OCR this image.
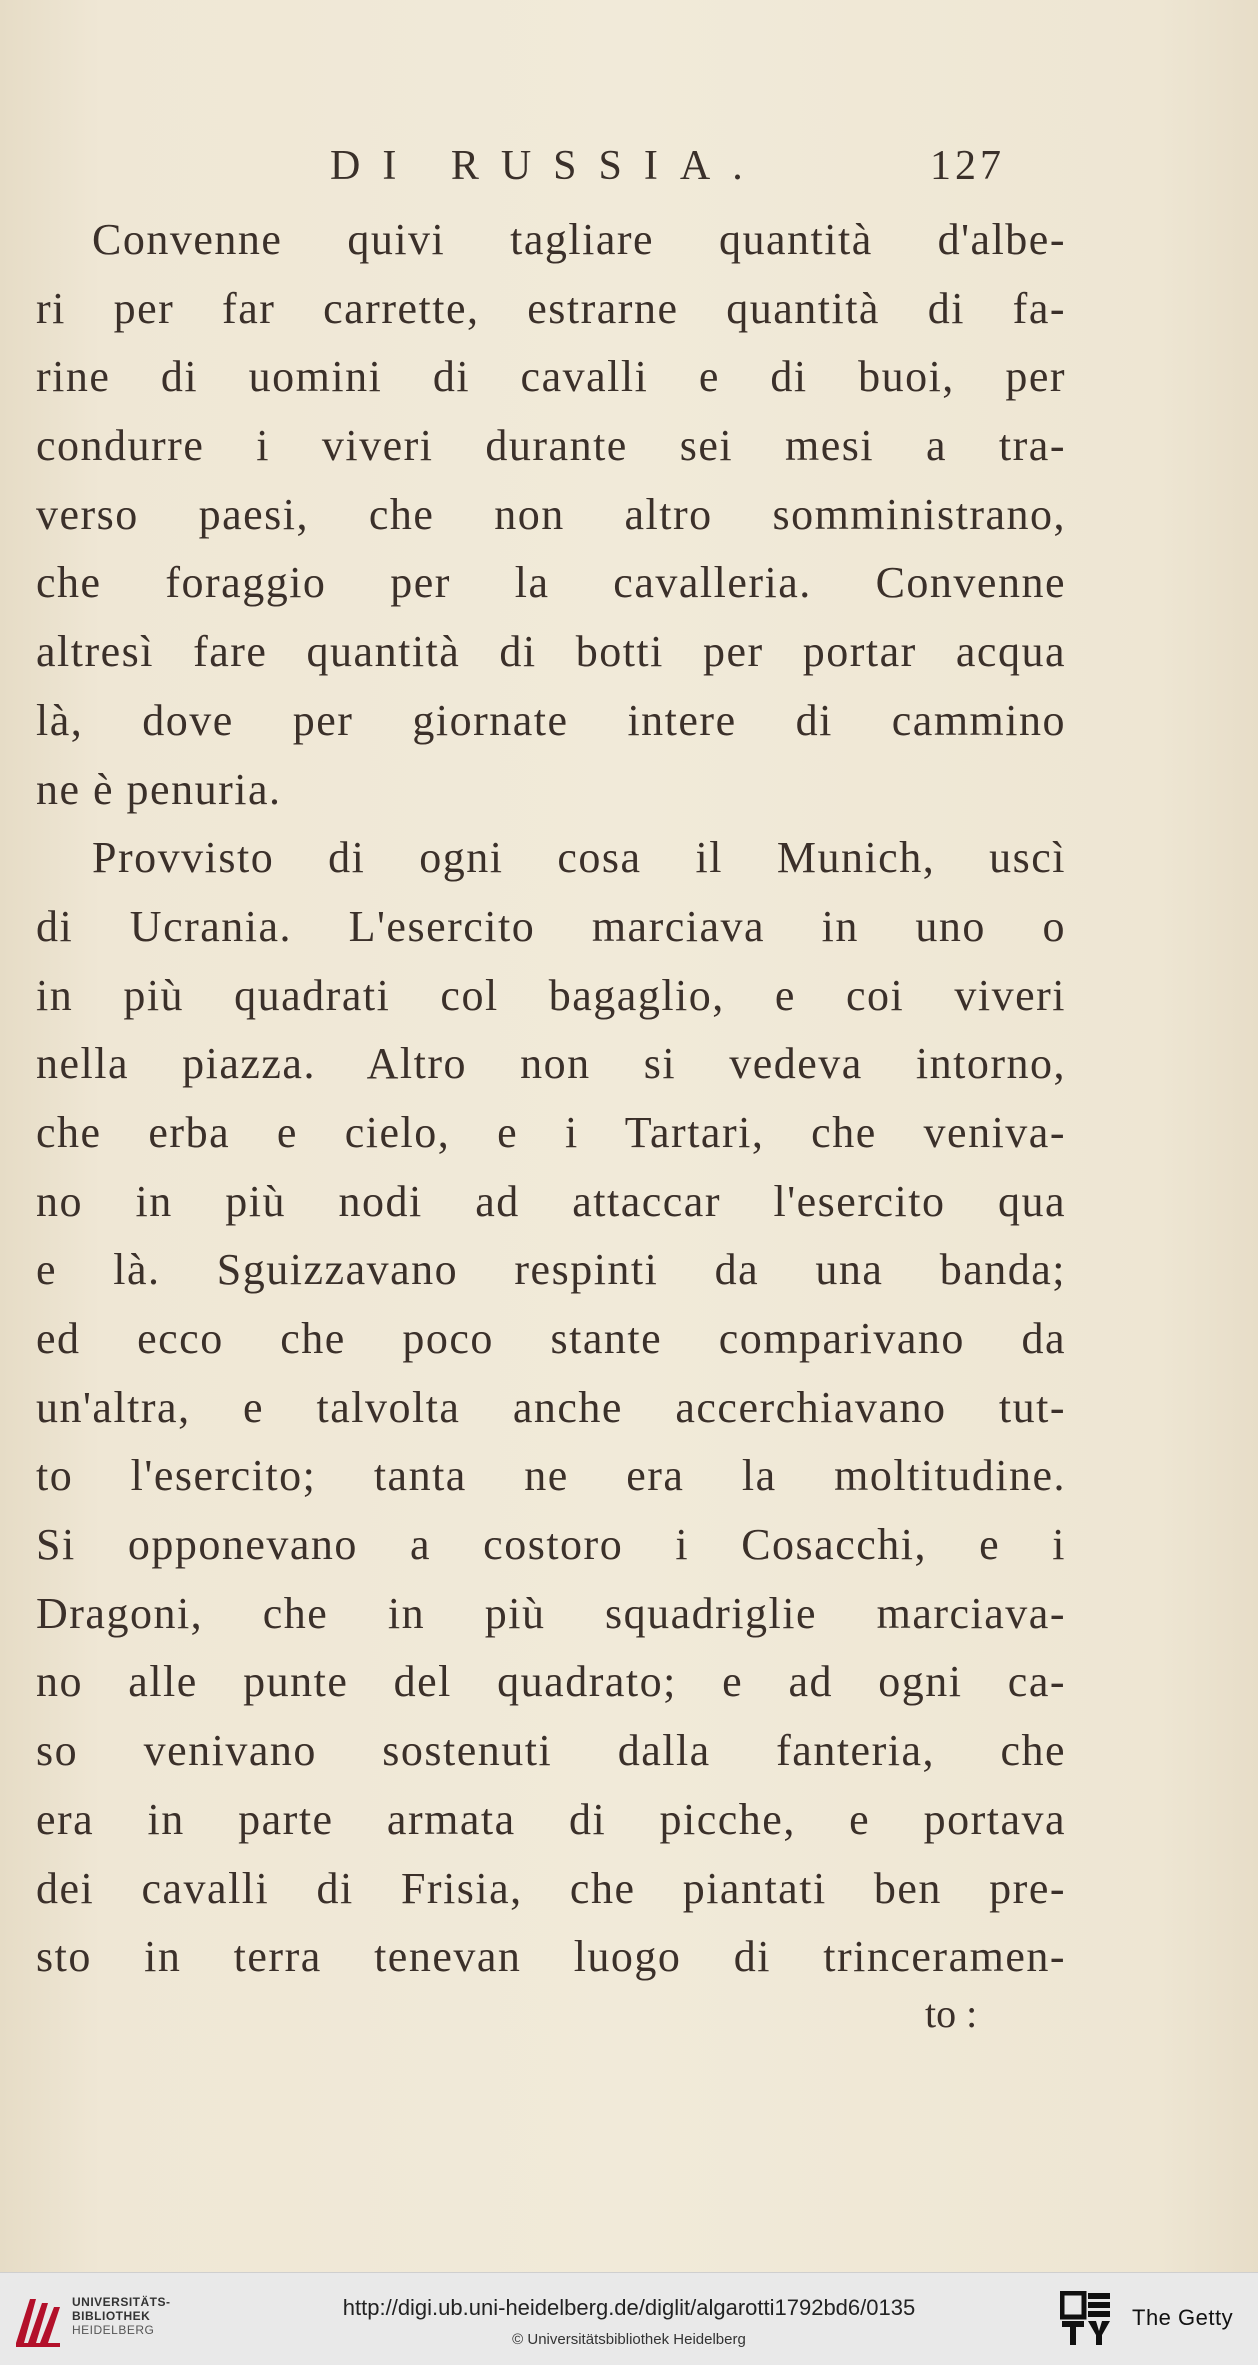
DI RUSSIA.	127
Convenne quivi tagliare quantità d'albe-
ri per far carrette, estrarne quantità di fa-
rine di uomini di cavalli e di buoi, per
condurre i viveri durante sei mesi a tra-
verso paesi, che non altro somministrano,
che foraggio per la cavalleria. Convenne
altresì fare quantità di botti per portar acqua
là, dove per giornate intere di cammino
ne è penuria.
Provvisto di ogni cosa il Munich, uscì
di Ucrania. L'esercito marciava in uno o
in più quadrati col bagaglio, e coi viveri
nella piazza. Altro non si vedeva intorno,
che erba e cielo, e i Tartari, che veniva-
no in più nodi ad attaccar l'esercito qua
e là. Sguizzavano respinti da una banda;
ed ecco che poco stante comparivano da
un'altra, e talvolta anche accerchiavano tut-
to l'esercito; tanta ne era la moltitudine.
Si opponevano a costoro i Cosacchi, e i
Dragoni, che in più squadriglie marciava-
no alle punte del quadrato; e ad ogni ca-
so venivano sostenuti dalla fanteria, che
era in parte armata di picche, e portava
dei cavalli di Frisia, che piantati ben pre-
sto in terra tenevan luogo di trinceramen-
to :
UNIVERSITÄTS-
BIBLIOTHEK
HEIDELBERG
http://digi.ub.uni-heidelberg.de/diglit/algarotti1792bd6/0135
© Universitätsbibliothek Heidelberg
The Getty
